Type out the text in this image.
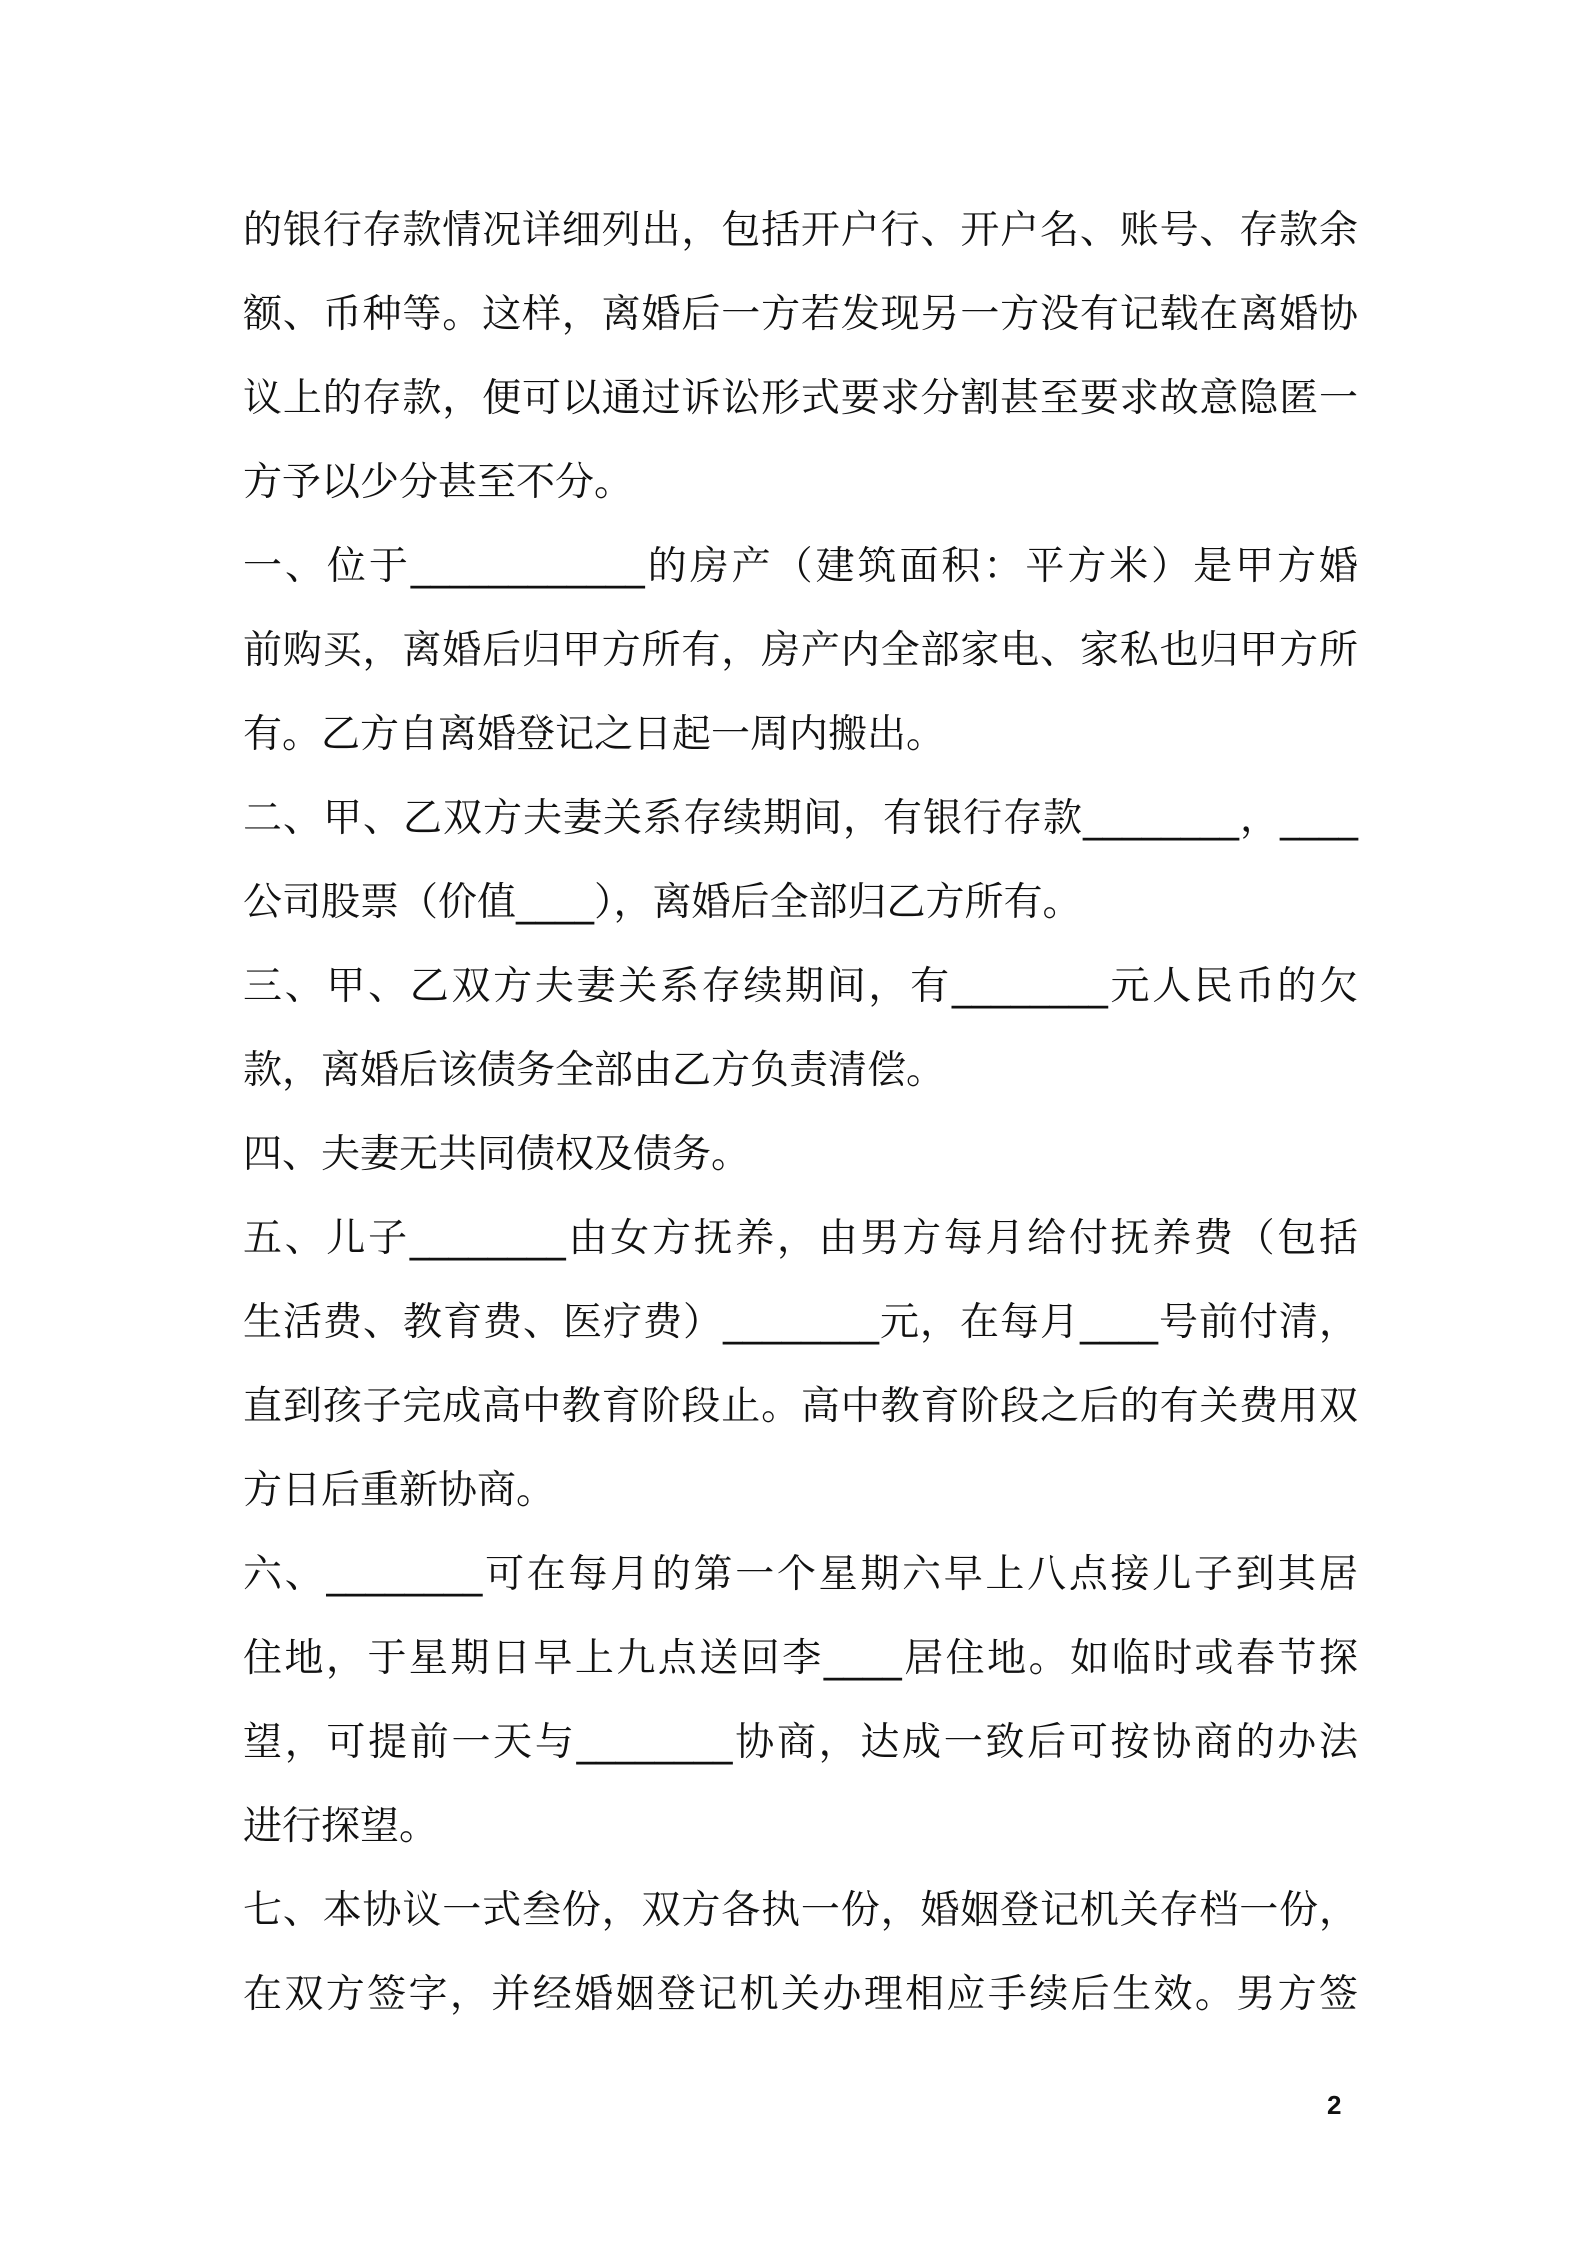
的银行存款情况详细列出，包括开户行、开户名、账号、存款余
额、币种等。这样，离婚后一方若发现另一方没有记载在离婚协
议上的存款，便可以通过诉讼形式要求分割甚至要求故意隐匿一
方予以少分甚至不分。
一、位于____________的房产（建筑面积：平方米）是甲方婚
前购买，离婚后归甲方所有，房产内全部家电、家私也归甲方所
有。乙方自离婚登记之日起一周内搬出。
二、甲、乙双方夫妻关系存续期间，有银行存款________，____
公司股票（价值____），离婚后全部归乙方所有。
三、甲、乙双方夫妻关系存续期间，有________元人民币的欠
款，离婚后该债务全部由乙方负责清偿。
四、夫妻无共同债权及债务。
五、儿子________由女方抚养，由男方每月给付抚养费（包括
生活费、教育费、医疗费）________元，在每月____号前付清，
直到孩子完成高中教育阶段止。高中教育阶段之后的有关费用双
方日后重新协商。
六、________可在每月的第一个星期六早上八点接儿子到其居
住地，于星期日早上九点送回李____居住地。如临时或春节探
望，可提前一天与________协商，达成一致后可按协商的办法
进行探望。
七、本协议一式叁份，双方各执一份，婚姻登记机关存档一份，
在双方签字，并经婚姻登记机关办理相应手续后生效。男方签
2
